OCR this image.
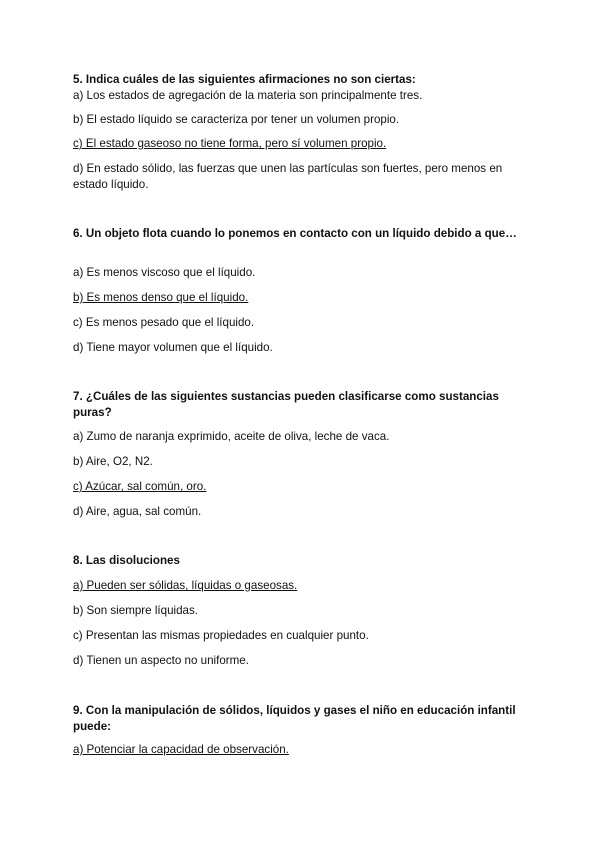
5. Indica cuáles de las siguientes afirmaciones no son ciertas:

a) Los estados de agregación de la materia son principalmente tres.

b) El estado líquido se caracteriza por tener un volumen propio.

c) El estado gaseoso no tiene forma, pero sí volumen propio.

d) En estado sólido, las fuerzas que unen las partículas son fuertes, pero menos en estado líquido.

6. Un objeto flota cuando lo ponemos en contacto con un líquido debido a que…

a) Es menos viscoso que el líquido.

b) Es menos denso que el líquido.

c) Es menos pesado que el líquido.

d) Tiene mayor volumen que el líquido.

7. ¿Cuáles de las siguientes sustancias pueden clasificarse como sustancias puras?

a) Zumo de naranja exprimido, aceite de oliva, leche de vaca.

b) Aire, O2, N2.

c) Azúcar, sal común, oro.

d) Aire, agua, sal común.

8. Las disoluciones

a) Pueden ser sólidas, líquidas o gaseosas.

b) Son siempre líquidas.

c) Presentan las mismas propiedades en cualquier punto.

d) Tienen un aspecto no uniforme.

9. Con la manipulación de sólidos, líquidos y gases el niño en educación infantil puede:

a) Potenciar la capacidad de observación.
